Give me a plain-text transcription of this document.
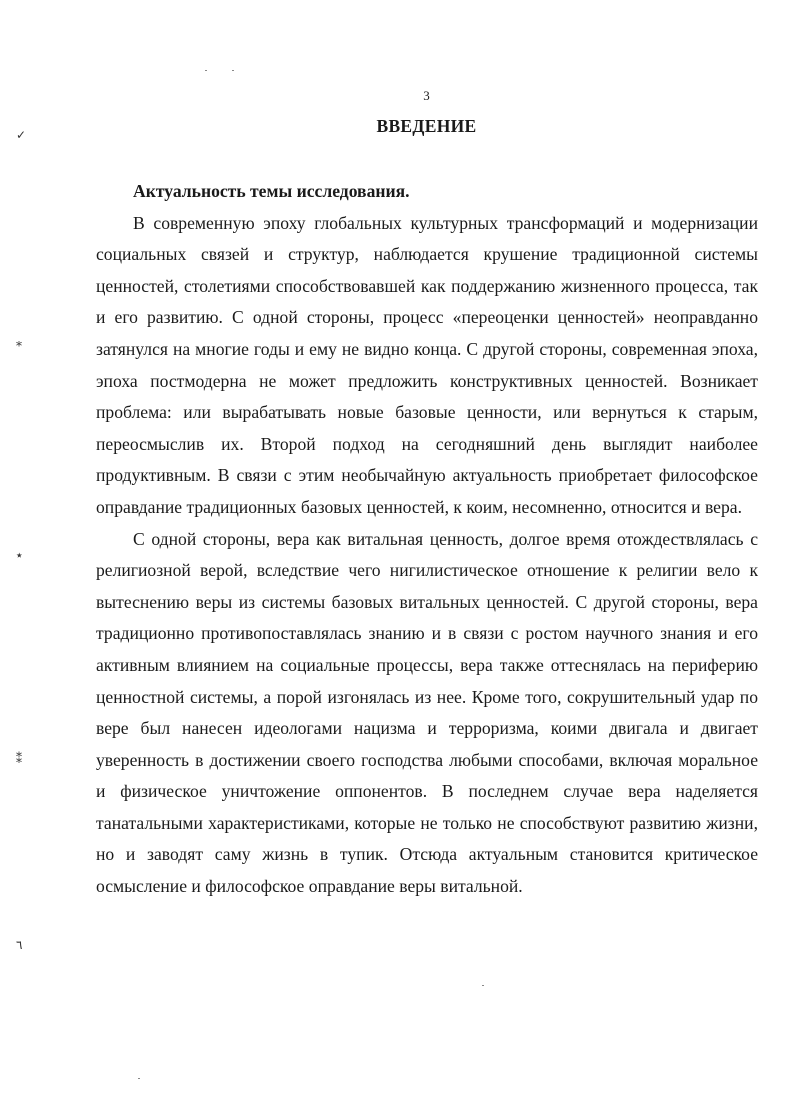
✓
⁎
٭
⁑
٦
3
ВВЕДЕНИЕ

Актуальность темы исследования.

В современную эпоху глобальных культурных трансформаций и модернизации социальных связей и структур, наблюдается крушение традиционной системы ценностей, столетиями способствовавшей как поддержанию жизненного процесса, так и его развитию. С одной стороны, процесс «переоценки ценностей» неоправданно затянулся на многие годы и ему не видно конца. С другой стороны, современная эпоха, эпоха постмодерна не может предложить конструктивных ценностей. Возникает проблема: или вырабатывать новые базовые ценности, или вернуться к старым, переосмыслив их. Второй подход на сегодняшний день выглядит наиболее продуктивным. В связи с этим необычайную актуальность приобретает философское оправдание традиционных базовых ценностей, к коим, несомненно, относится и вера.

С одной стороны, вера как витальная ценность, долгое время отождествлялась с религиозной верой, вследствие чего нигилистическое отношение к религии вело к вытеснению веры из системы базовых витальных ценностей. С другой стороны, вера традиционно противопоставлялась знанию и в связи с ростом научного знания и его активным влиянием на социальные процессы, вера также оттеснялась на периферию ценностной системы, а порой изгонялась из нее. Кроме того, сокрушительный удар по вере был нанесен идеологами нацизма и терроризма, коими двигала и двигает уверенность в достижении своего господства любыми способами, включая моральное и физическое уничтожение оппонентов. В последнем случае вера наделяется танатальными характеристиками, которые не только не способствуют развитию жизни, но и заводят саму жизнь в тупик. Отсюда актуальным становится критическое осмысление и философское оправдание веры витальной.
